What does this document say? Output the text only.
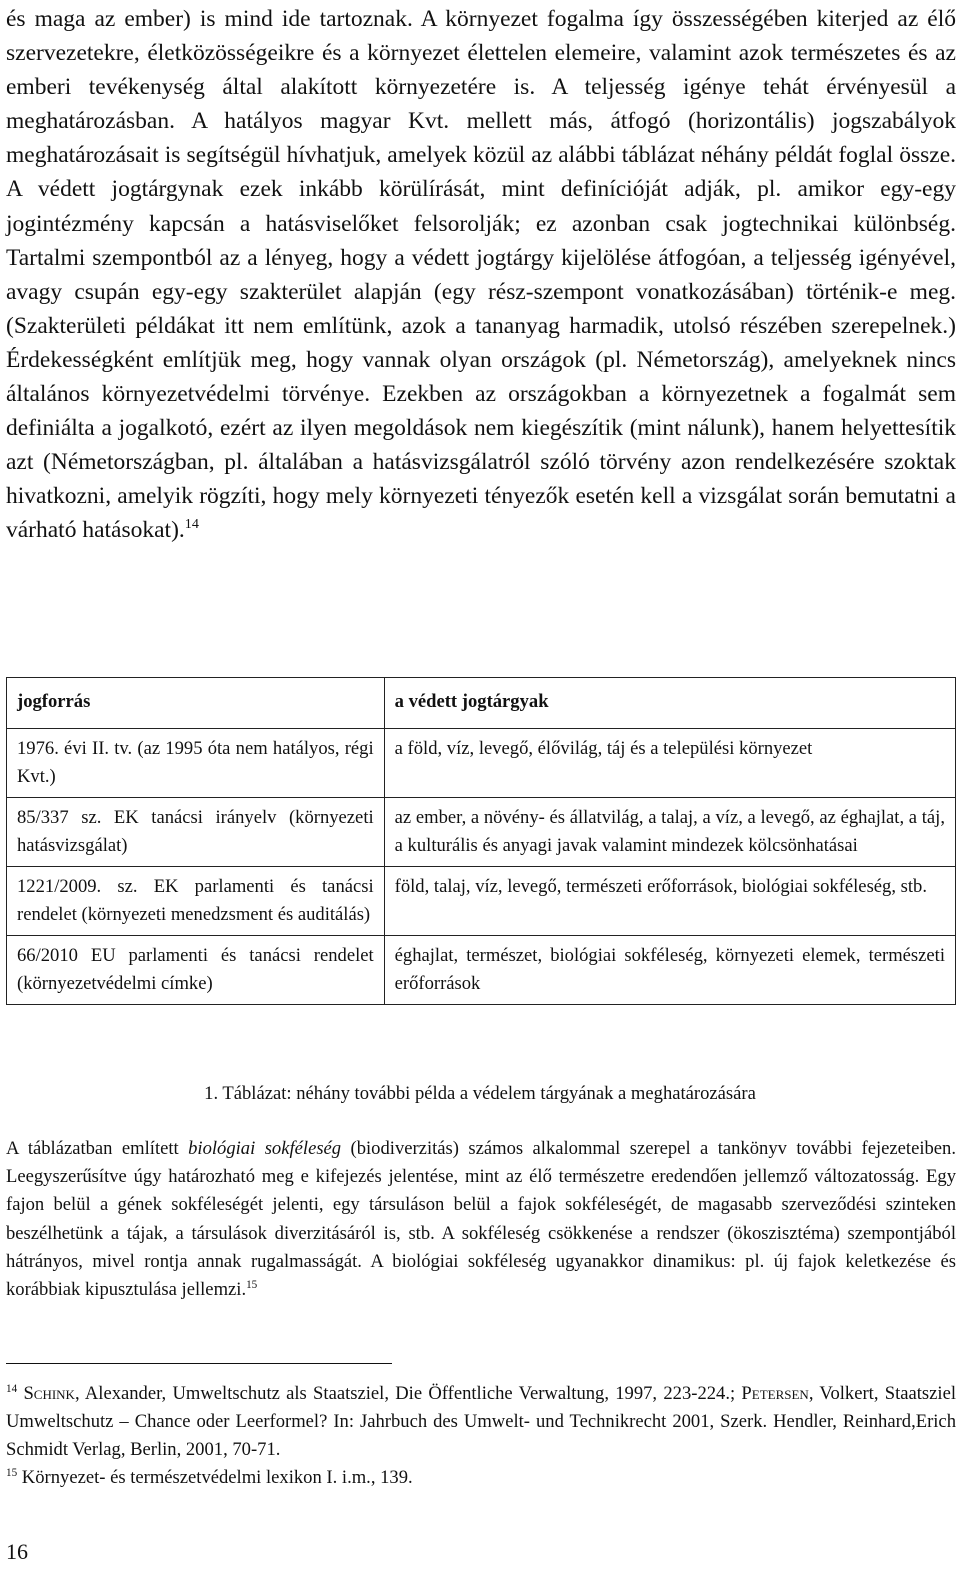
és maga az ember) is mind ide tartoznak. A környezet fogalma így összességében kiterjed az élő szervezetekre, életközösségeikre és a környezet élettelen elemeire, valamint azok természetes és az emberi tevékenység által alakított környezetére is. A teljesség igénye tehát érvényesül a meghatározásban. A hatályos magyar Kvt. mellett más, átfogó (horizontális) jogszabályok meghatározásait is segítségül hívhatjuk, amelyek közül az alábbi táblázat néhány példát foglal össze. A védett jogtárgynak ezek inkább körülírását, mint definícióját adják, pl. amikor egy-egy jogintézmény kapcsán a hatásviselőket felsorolják; ez azonban csak jogtechnikai különbség. Tartalmi szempontból az a lényeg, hogy a védett jogtárgy kijelölése átfogóan, a teljesség igényével, avagy csupán egy-egy szakterület alapján (egy rész-szempont vonatkozásában) történik-e meg. (Szakterületi példákat itt nem említünk, azok a tananyag harmadik, utolsó részében szerepelnek.) Érdekességként említjük meg, hogy vannak olyan országok (pl. Németország), amelyeknek nincs általános környezetvédelmi törvénye. Ezekben az országokban a környezetnek a fogalmát sem definiálta a jogalkotó, ezért az ilyen megoldások nem kiegészítik (mint nálunk), hanem helyettesítik azt (Németországban, pl. általában a hatásvizsgálatról szóló törvény azon rendelkezésére szoktak hivatkozni, amelyik rögzíti, hogy mely környezeti tényezők esetén kell a vizsgálat során bemutatni a várható hatásokat).$^{14}$

jogforrás	a védett jogtárgyak
1976. évi II. tv. (az 1995 óta nem hatályos, régi Kvt.)	a föld, víz, levegő, élővilág, táj és a települési környezet
85/337 sz. EK tanácsi irányelv (környezeti hatásvizsgálat)	az ember, a növény- és állatvilág, a talaj, a víz, a levegő, az éghajlat, a táj, a kulturális és anyagi javak valamint mindezek kölcsönhatásai
1221/2009. sz. EK parlamenti és tanácsi rendelet (környezeti menedzsment és auditálás)	föld, talaj, víz, levegő, természeti erőforrások, biológiai sokféleség, stb.
66/2010 EU parlamenti és tanácsi rendelet (környezetvédelmi címke)	éghajlat, természet, biológiai sokféleség, környezeti elemek, természeti erőforrások
1. Táblázat: néhány további példa a védelem tárgyának a meghatározására

A táblázatban említett biológiai sokféleség (biodiverzitás) számos alkalommal szerepel a tankönyv további fejezeteiben. Leegyszerűsítve úgy határozható meg e kifejezés jelentése, mint az élő természetre eredendően jellemző változatosság. Egy fajon belül a gének sokféleségét jelenti, egy társuláson belül a fajok sokféleségét, de magasabb szerveződési szinteken beszélhetünk a tájak, a társulások diverzitásáról is, stb. A sokféleség csökkenése a rendszer (ökoszisztéma) szempontjából hátrányos, mivel rontja annak rugalmasságát. A biológiai sokféleség ugyanakkor dinamikus: pl. új fajok keletkezése és korábbiak kipusztulása jellemzi.$^{15}$

$^{14}$ Schink, Alexander, Umweltschutz als Staatsziel, Die Öffentliche Verwaltung, 1997, 223-224.; Petersen, Volkert, Staatsziel Umweltschutz – Chance oder Leerformel? In: Jahrbuch des Umwelt- und Technikrecht 2001, Szerk. Hendler, Reinhard,Erich Schmidt Verlag, Berlin, 2001, 70-71.

$^{15}$ Környezet- és természetvédelmi lexikon I. i.m., 139.

16
